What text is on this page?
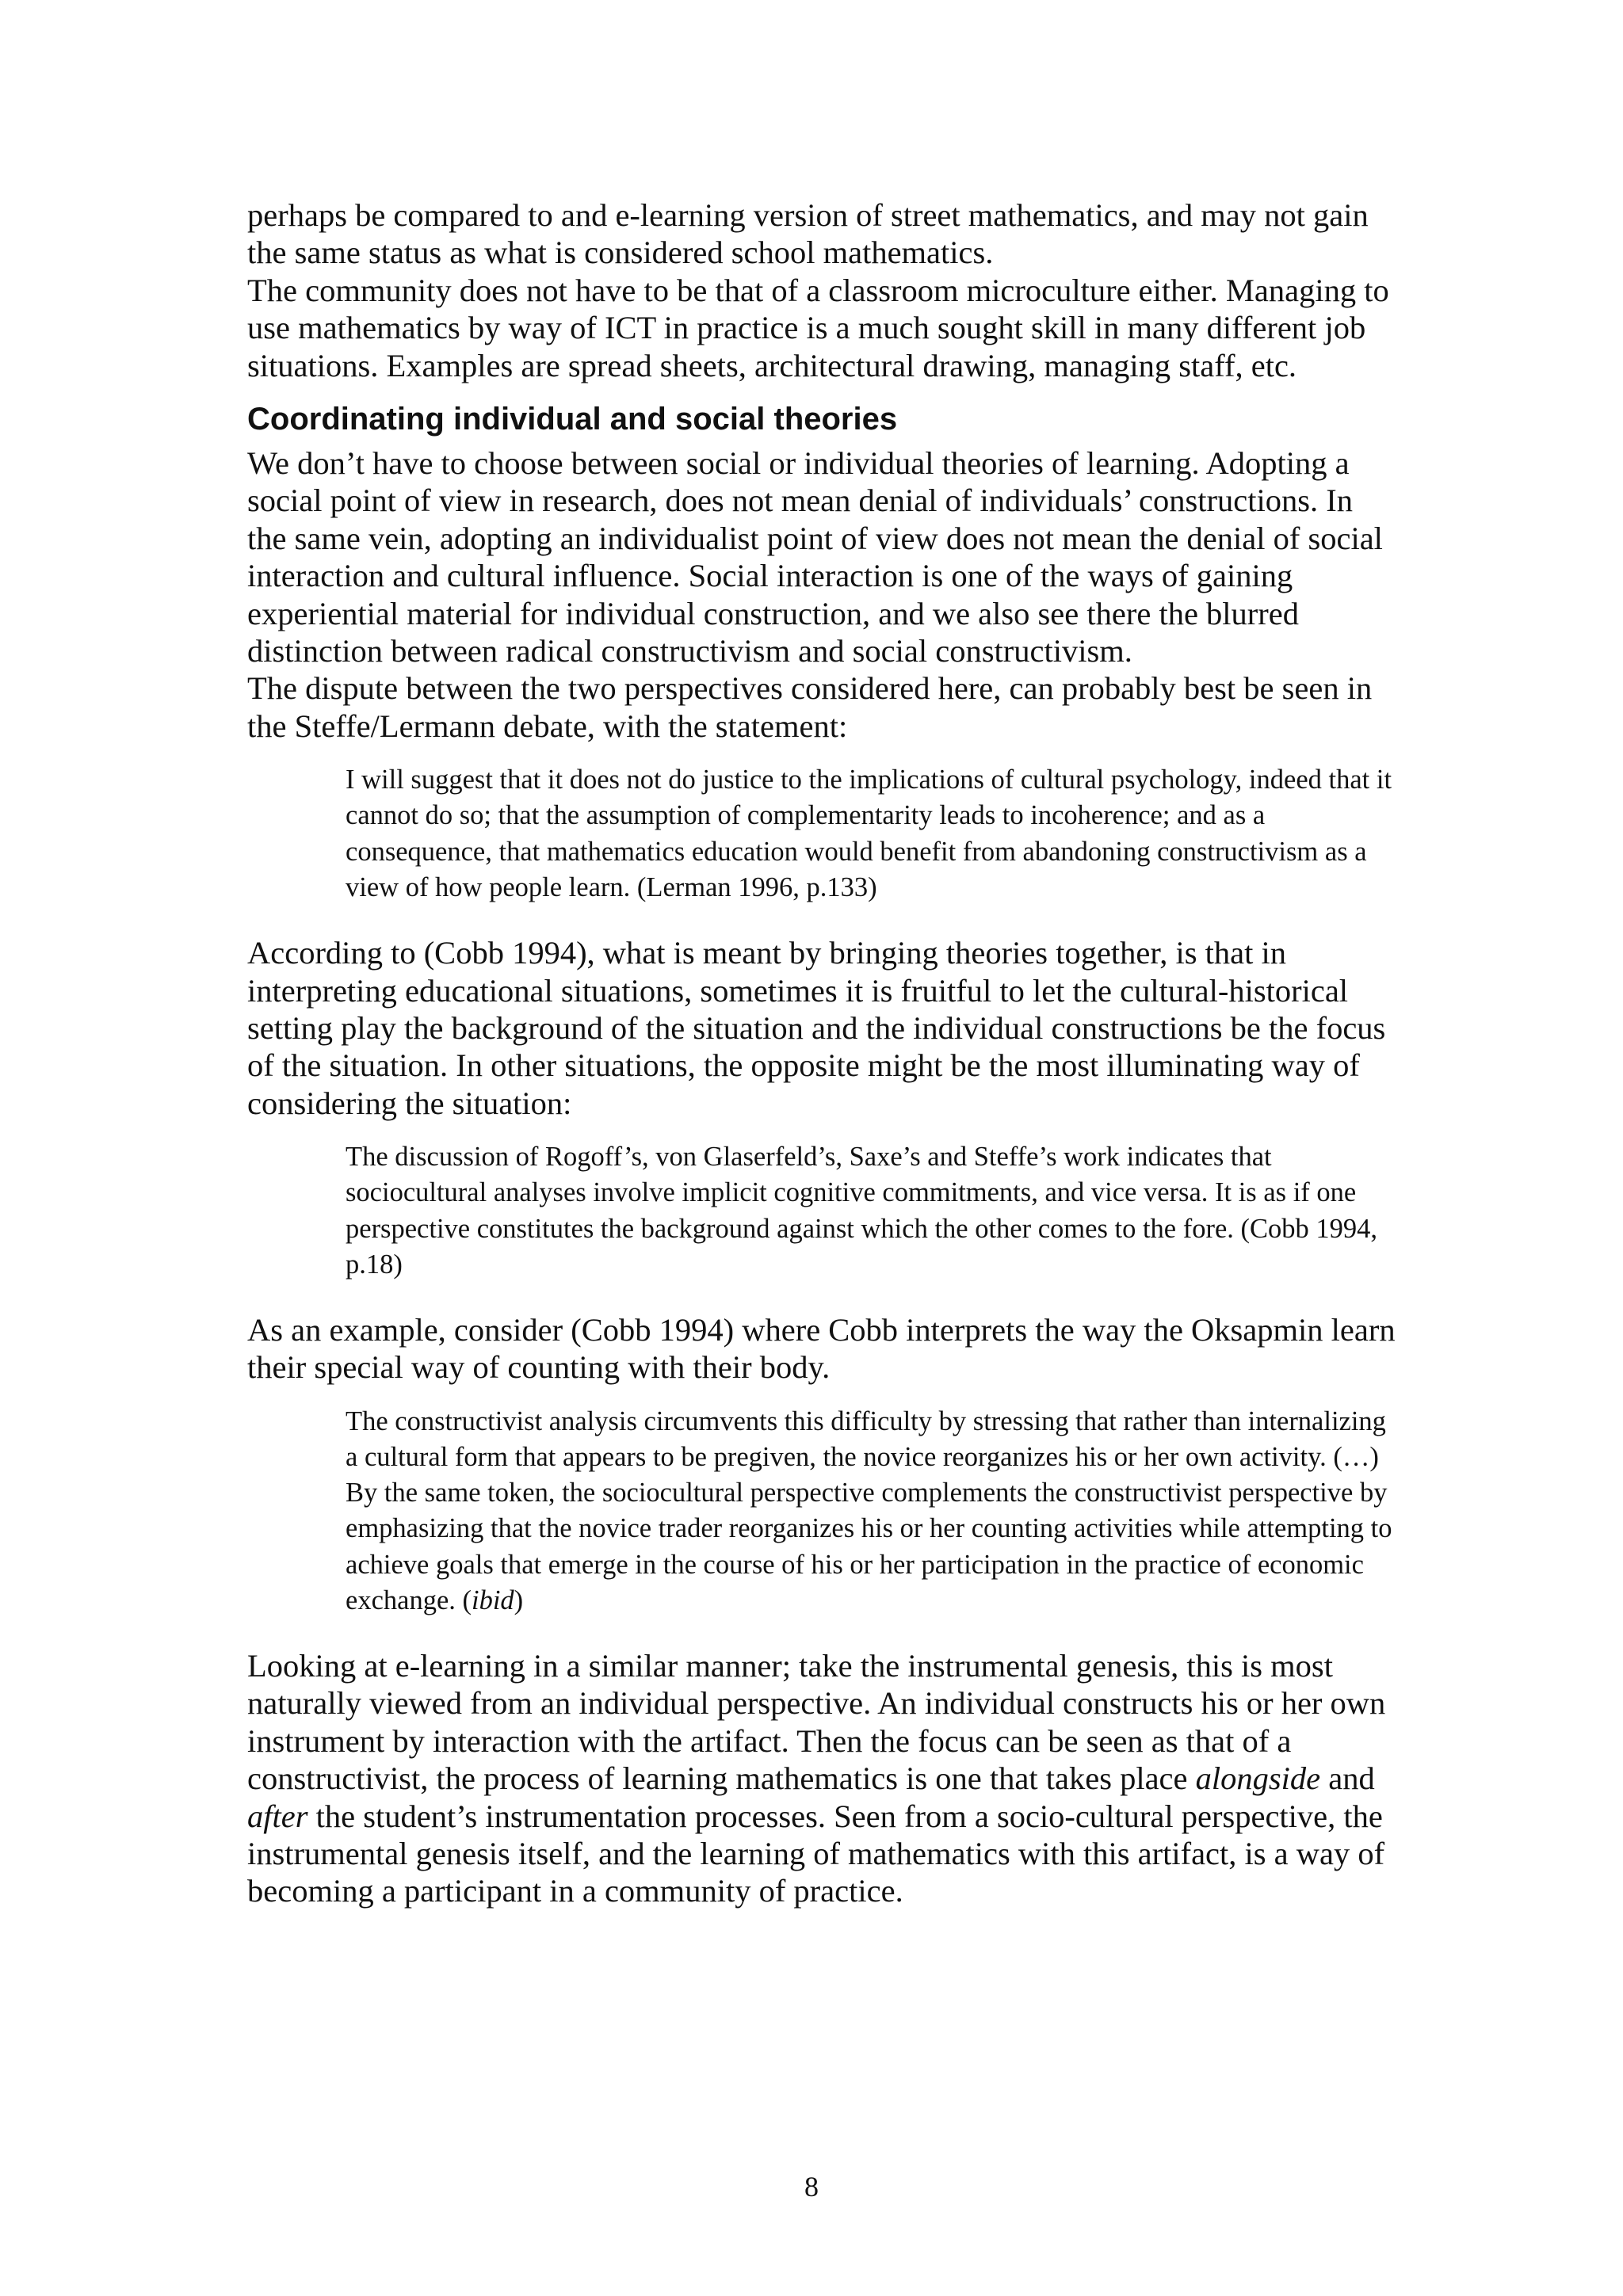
perhaps be compared to and e-learning version of street mathematics, and may not gain the same status as what is considered school mathematics.

The community does not have to be that of a classroom microculture either. Managing to use mathematics by way of ICT in practice is a much sought skill in many different job situations. Examples are spread sheets, architectural drawing, managing staff, etc.

Coordinating individual and social theories

We don’t have to choose between social or individual theories of learning. Adopting a social point of view in research, does not mean denial of individuals’ constructions. In the same vein, adopting an individualist point of view does not mean the denial of social interaction and cultural influence. Social interaction is one of the ways of gaining experiential material for individual construction, and we also see there the blurred distinction between radical constructivism and social constructivism.

The dispute between the two perspectives considered here, can probably best be seen in the Steffe/Lermann debate, with the statement:

I will suggest that it does not do justice to the implications of cultural psychology, indeed that it cannot do so; that the assumption of complementarity leads to incoherence; and as a consequence, that mathematics education would benefit from abandoning constructivism as a view of how people learn. (Lerman 1996, p.133)

According to (Cobb 1994), what is meant by bringing theories together, is that in interpreting educational situations, sometimes it is fruitful to let the cultural-historical setting play the background of the situation and the individual constructions be the focus of the situation. In other situations, the opposite might be the most illuminating way of considering the situation:

The discussion of Rogoff’s, von Glaserfeld’s, Saxe’s and Steffe’s work indicates that sociocultural analyses involve implicit cognitive commitments, and vice versa. It is as if one perspective constitutes the background against which the other comes to the fore. (Cobb 1994, p.18)

As an example, consider (Cobb 1994) where Cobb interprets the way the Oksapmin learn their special way of counting with their body.

The constructivist analysis circumvents this difficulty by stressing that rather than internalizing a cultural form that appears to be pregiven, the novice reorganizes his or her own activity. (…) By the same token, the sociocultural perspective complements the constructivist perspective by emphasizing that the novice trader reorganizes his or her counting activities while attempting to achieve goals that emerge in the course of his or her participation in the practice of economic exchange. (ibid)

Looking at e-learning in a similar manner; take the instrumental genesis, this is most naturally viewed from an individual perspective. An individual constructs his or her own instrument by interaction with the artifact. Then the focus can be seen as that of a constructivist, the process of learning mathematics is one that takes place alongside and after the student’s instrumentation processes. Seen from a socio-cultural perspective, the instrumental genesis itself, and the learning of mathematics with this artifact, is a way of becoming a participant in a community of practice.

8
